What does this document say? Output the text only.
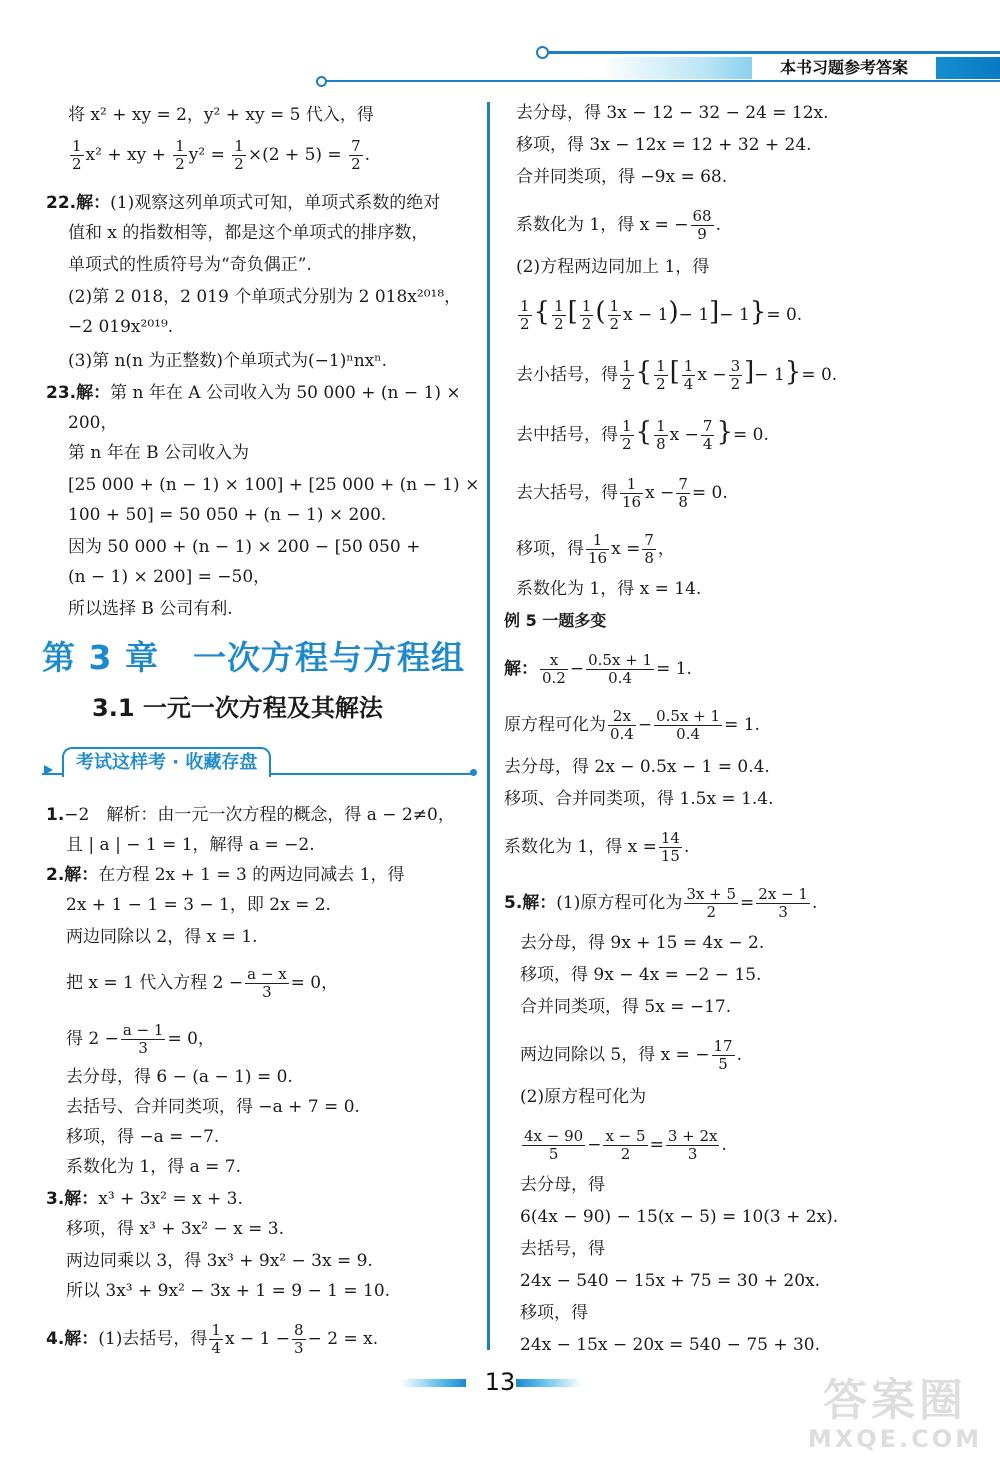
本书习题参考答案
将 x² + xy = 2，y² + xy = 5 代入，得
$\frac{1}{2} x^2$ + xy + $\frac{1}{2} y^2 = \frac{1}{2} \times(2 + 5) = \frac{7}{2}$ .
22.解：(1)观察这列单项式可知，单项式系数的绝对
值和 x 的指数相等，都是这个单项式的排序数，
单项式的性质符号为“奇负偶正”.
(2)第 2 018，2 019 个单项式分别为 2 018x²⁰¹⁸，
−2 019x²⁰¹⁹.
(3)第 n(n 为正整数)个单项式为(−1)ⁿnxⁿ.
23.解：第 n 年在 A 公司收入为 50 000 + (n − 1) ×
200，
第 n 年在 B 公司收入为
[25 000 + (n − 1) × 100] + [25 000 + (n − 1) ×
100 + 50] = 50 050 + (n − 1) × 200.
因为 50 000 + (n − 1) × 200 − [50 050 +
(n − 1) × 200] = −50，
所以选择 B 公司有利.
第 3 章　一次方程与方程组
3.1 一元一次方程及其解法
考试这样考 · 收藏存盘
1.−2　解析：由一元一次方程的概念，得 a − 2≠0，
且 | a | − 1 = 1，解得 a = −2.
2.解：在方程 2x + 1 = 3 的两边同减去 1，得
2x + 1 − 1 = 3 − 1，即 2x = 2.
两边同除以 2，得 x = 1.
把 x = 1 代入方程 $2 - \frac{a - x}{3} = 0$，
得 $2 - \frac{a - 1}{3} = 0$，
去分母，得 6 − (a − 1) = 0.
去括号、合并同类项，得 −a + 7 = 0.
移项，得 −a = −7.
系数化为 1，得 a = 7.
3.解：x³ + 3x² = x + 3.
移项，得 x³ + 3x² − x = 3.
两边同乘以 3，得 3x³ + 9x² − 3x = 9.
所以 3x³ + 9x² − 3x + 1 = 9 − 1 = 10.
4.解：(1)去括号，得 $\frac{1}{4}$ $x - 1 - \frac{8}{3} - 2 = x$.
去分母，得 3x − 12 − 32 − 24 = 12x.
移项，得 3x − 12x = 12 + 32 + 24.
合并同类项，得 −9x = 68.
系数化为 1，得 x = − $\frac{68}{9}$ .
(2)方程两边同加上 1，得
$\frac{1}{2}$ { $\frac{1}{2}$ [ $\frac{1}{2}$ ( $\frac{1}{2}$ x − 1)− 1]− 1}= 0.
去小括号，得 $\frac{1}{2}$ { $\frac{1}{2}$ [ $\frac{1}{4}$ $x - \frac{3}{2}$ ]− 1}= 0.
去中括号，得 $\frac{1}{2}$ { $\frac{1}{8}$ $x - \frac{7}{4}$ }= 0.
去大括号，得 $\frac{1}{16}$ $x - \frac{7}{8} = 0$.
移项，得 $\frac{1}{16}$ $x = \frac{7}{8}$ ，
系数化为 1，得 x = 14.
例 5 一题多变
解： $\frac{x}{0.2} - \frac{0.5x + 1}{0.4} = 1$.
原方程可化为 $\frac{2x}{0.4} - \frac{0.5x + 1}{0.4} = 1$.
去分母，得 2x − 0.5x − 1 = 0.4.
移项、合并同类项，得 1.5x = 1.4.
系数化为 1，得 $x = \frac{14}{15}$ .
5.解：(1)原方程可化为 $\frac{3x + 5}{2} = \frac{2x - 1}{3}$ .
去分母，得 9x + 15 = 4x − 2.
移项，得 9x − 4x = −2 − 15.
合并同类项，得 5x = −17.
两边同除以 5，得 x = − $\frac{17}{5}$ .
(2)原方程可化为
$\frac{4x - 90}{5} - \frac{x - 5}{2} = \frac{3 + 2x}{3}$ .
去分母，得
6(4x − 90) − 15(x − 5) = 10(3 + 2x).
去括号，得
24x − 540 − 15x + 75 = 30 + 20x.
移项，得
24x − 15x − 20x = 540 − 75 + 30.
13	答案圈
MXQE.COM
